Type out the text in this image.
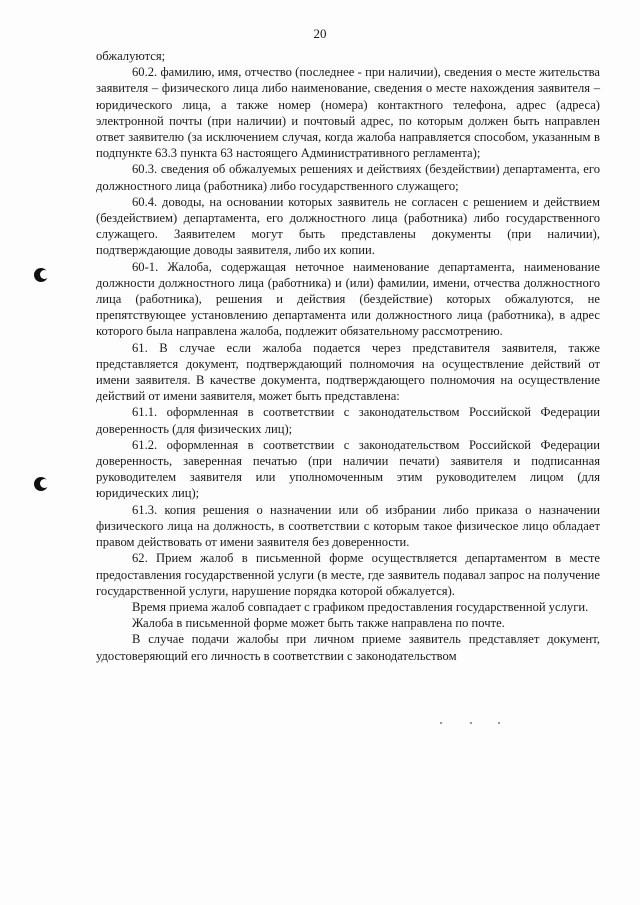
20

обжалуются;

60.2. фамилию, имя, отчество (последнее - при наличии), сведения о месте жительства заявителя – физического лица либо наименование, сведения о месте нахождения заявителя – юридического лица, а также номер (номера) контактного телефона, адрес (адреса) электронной почты (при наличии) и почтовый адрес, по которым должен быть направлен ответ заявителю (за исключением случая, когда жалоба направляется способом, указанным в подпункте 63.3 пункта 63 настоящего Административного регламента);

60.3. сведения об обжалуемых решениях и действиях (бездействии) департамента, его должностного лица (работника) либо государственного служащего;

60.4. доводы, на основании которых заявитель не согласен с решением и действием (бездействием) департамента, его должностного лица (работника) либо государственного служащего. Заявителем могут быть представлены документы (при наличии), подтверждающие доводы заявителя, либо их копии.

60-1. Жалоба, содержащая неточное наименование департамента, наименование должности должностного лица (работника) и (или) фамилии, имени, отчества должностного лица (работника), решения и действия (бездействие) которых обжалуются, не препятствующее установлению департамента или должностного лица (работника), в адрес которого была направлена жалоба, подлежит обязательному рассмотрению.

61. В случае если жалоба подается через представителя заявителя, также представляется документ, подтверждающий полномочия на осуществление действий от имени заявителя. В качестве документа, подтверждающего полномочия на осуществление действий от имени заявителя, может быть представлена:

61.1. оформленная в соответствии с законодательством Российской Федерации доверенность (для физических лиц);

61.2. оформленная в соответствии с законодательством Российской Федерации доверенность, заверенная печатью (при наличии печати) заявителя и подписанная руководителем заявителя или уполномоченным этим руководителем лицом (для юридических лиц);

61.3. копия решения о назначении или об избрании либо приказа о назначении физического лица на должность, в соответствии с которым такое физическое лицо обладает правом действовать от имени заявителя без доверенности.

62. Прием жалоб в письменной форме осуществляется департаментом в месте предоставления государственной услуги (в месте, где заявитель подавал запрос на получение государственной услуги, нарушение порядка которой обжалуется).

Время приема жалоб совпадает с графиком предоставления государственной услуги.

Жалоба в письменной форме может быть также направлена по почте.

В случае подачи жалобы при личном приеме заявитель представляет документ, удостоверяющий его личность в соответствии с законодательством
